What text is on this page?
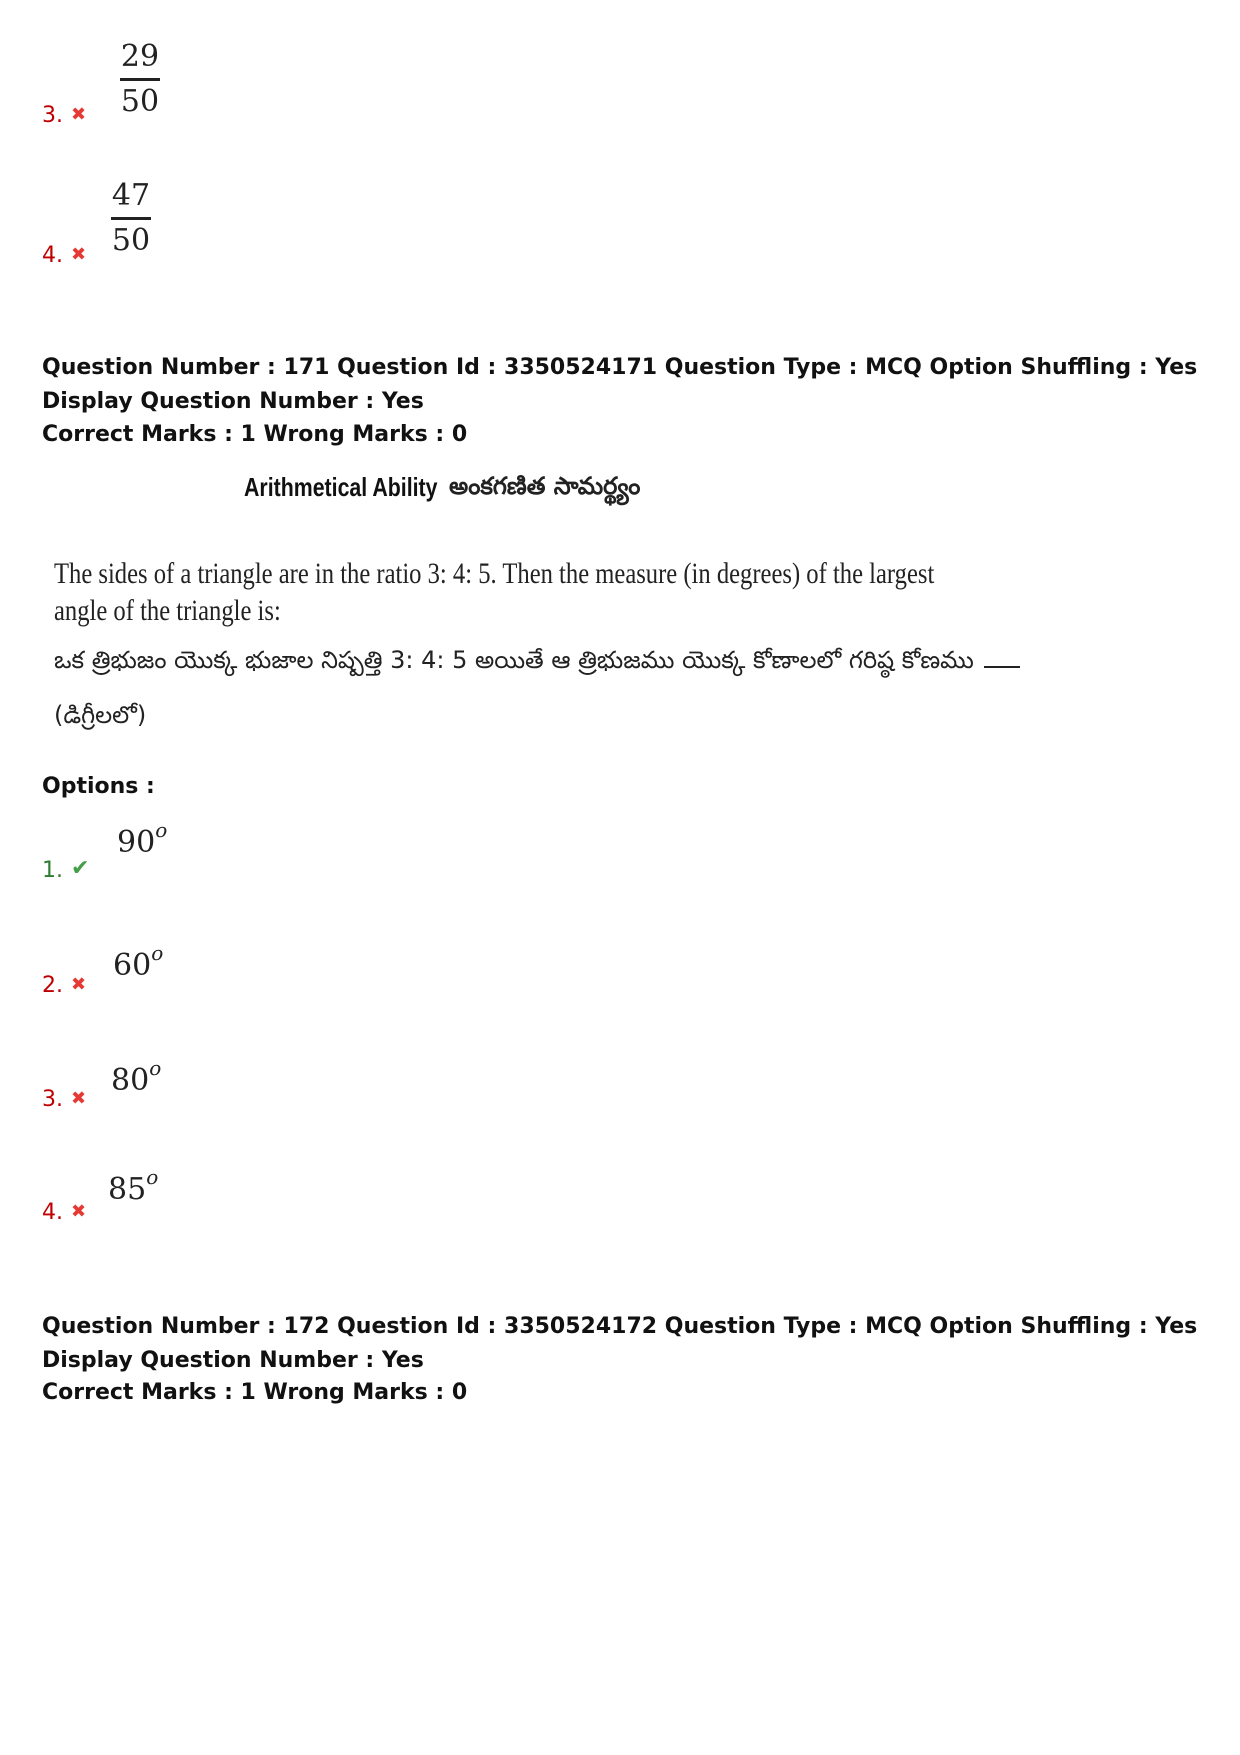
$\frac{29}{50}$
3. ✖
$\frac{47}{50}$
4. ✖
Question Number : 171 Question Id : 3350524171 Question Type : MCQ Option Shuffling : Yes
Display Question Number : Yes
Correct Marks : 1 Wrong Marks : 0
Arithmetical Ability అంకగణిత సామర్థ్యం
The sides of a triangle are in the ratio 3: 4: 5. Then the measure (in degrees) of the largest
angle of the triangle is:
ఒక త్రిభుజం యొక్క భుజాల నిష్పత్తి 3: 4: 5 అయితే ఆ త్రిభుజము యొక్క కోణాలలో గరిష్ఠ కోణము
(డిగ్రీలలో)
Options :
90$^o$
1. ✔
60$^o$
2. ✖
80$^o$
3. ✖
85$^o$
4. ✖
Question Number : 172 Question Id : 3350524172 Question Type : MCQ Option Shuffling : Yes
Display Question Number : Yes
Correct Marks : 1 Wrong Marks : 0
